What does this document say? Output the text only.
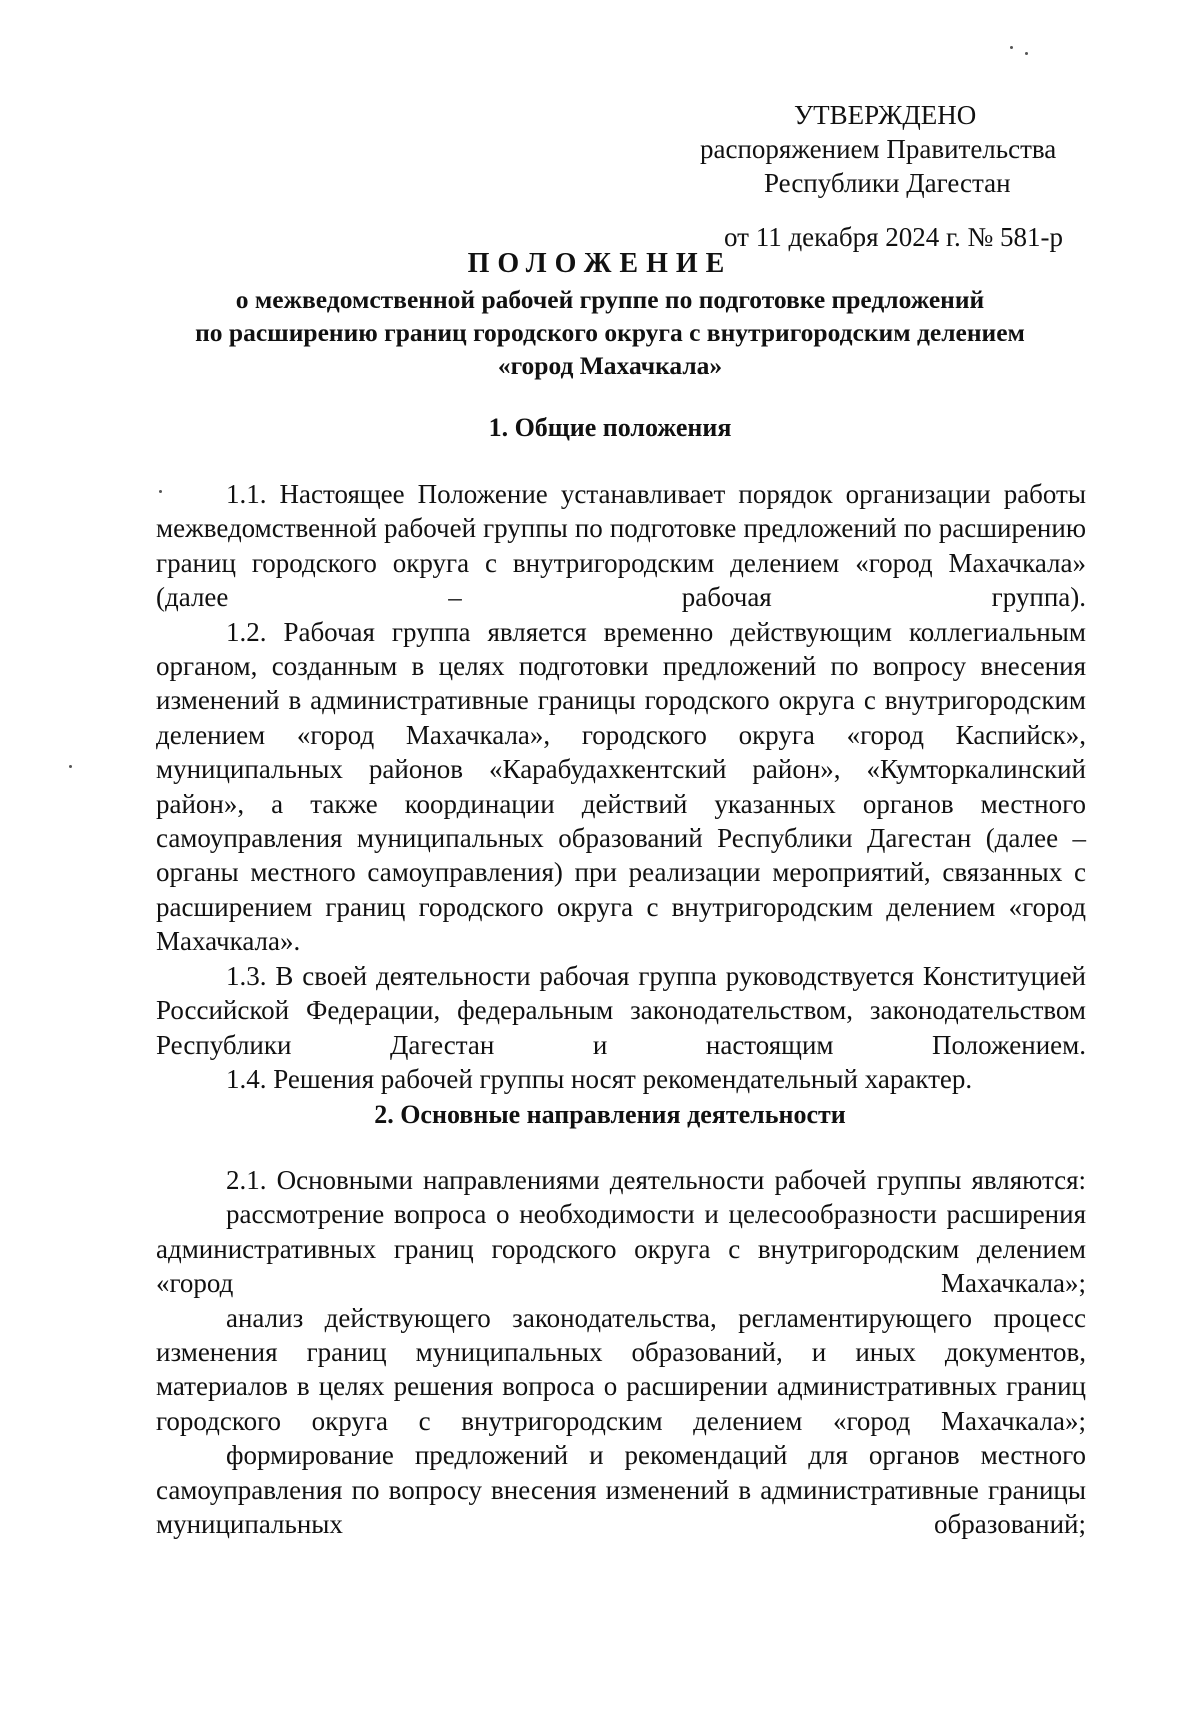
УТВЕРЖДЕНО
распоряжением Правительства
Республики Дагестан
от 11 декабря 2024 г. № 581-р
ПОЛОЖЕНИЕ
о межведомственной рабочей группе по подготовке предложений
по расширению границ городского округа с внутригородским делением
«город Махачкала»
1. Общие положения

1.1. Настоящее Положение устанавливает порядок организации работы межведомственной рабочей группы по подготовке предложений по расширению границ городского округа с внутригородским делением «город Махачкала» (далее – рабочая группа).

1.2. Рабочая группа является временно действующим коллегиальным органом, созданным в целях подготовки предложений по вопросу внесения изменений в административные границы городского округа с внутригородским делением «город Махачкала», городского округа «город Каспийск», муниципальных районов «Карабудахкентский район», «Кумторкалинский район», а также координации действий указанных органов местного самоуправления муниципальных образований Республики Дагестан (далее – органы местного самоуправления) при реализации мероприятий, связанных с расширением границ городского округа с внутригородским делением «город Махачкала».

1.3. В своей деятельности рабочая группа руководствуется Конституцией Российской Федерации, федеральным законодательством, законодательством Республики Дагестан и настоящим Положением.

1.4. Решения рабочей группы носят рекомендательный характер.

2. Основные направления деятельности

2.1. Основными направлениями деятельности рабочей группы являются:

рассмотрение вопроса о необходимости и целесообразности расширения административных границ городского округа с внутригородским делением «город Махачкала»;

анализ действующего законодательства, регламентирующего процесс изменения границ муниципальных образований, и иных документов, материалов в целях решения вопроса о расширении административных границ городского округа с внутригородским делением «город Махачкала»;

формирование предложений и рекомендаций для органов местного самоуправления по вопросу внесения изменений в административные границы муниципальных образований;
